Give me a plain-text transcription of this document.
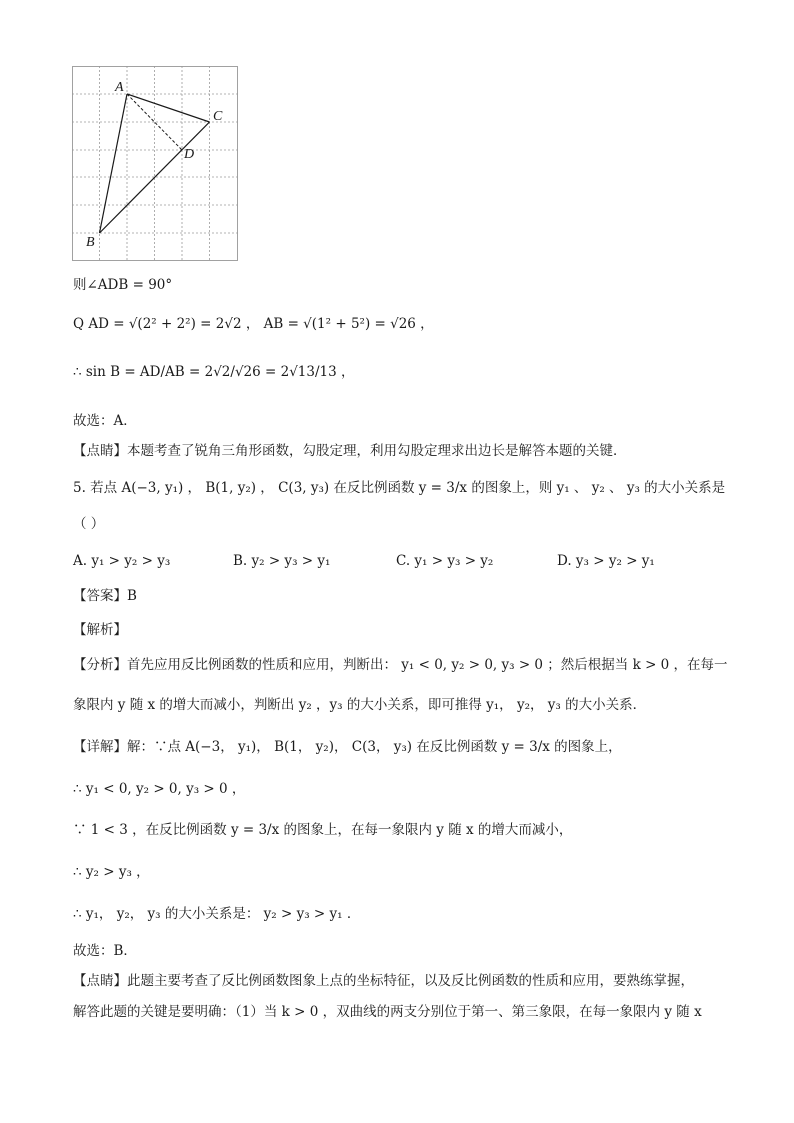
A
C
D
B
则∠ADB = 90°
Q AD = √(2² + 2²) = 2√2 ， AB = √(1² + 5²) = √26 ，
∴ sin B = AD/AB = 2√2/√26 = 2√13/13 ，
故选：A．
【点睛】本题考查了锐角三角形函数，勾股定理，利用勾股定理求出边长是解答本题的关键．
5. 若点 A(−3, y₁) ， B(1, y₂) ， C(3, y₃) 在反比例函数 y = 3/x 的图象上，则 y₁ 、 y₂ 、 y₃ 的大小关系是
（ ）
A. y₁ > y₂ > y₃	B. y₂ > y₃ > y₁	C. y₁ > y₃ > y₂	D. y₃ > y₂ > y₁
【答案】B
【解析】
【分析】首先应用反比例函数的性质和应用，判断出： y₁ < 0, y₂ > 0, y₃ > 0 ；然后根据当 k > 0 ，在每一
象限内 y 随 x 的增大而减小，判断出 y₂ ，y₃ 的大小关系，即可推得 y₁， y₂， y₃ 的大小关系．
【详解】解：∵点 A(−3， y₁)， B(1， y₂)， C(3， y₃) 在反比例函数 y = 3/x 的图象上，
∴ y₁ < 0, y₂ > 0, y₃ > 0 ，
∵ 1 < 3 ，在反比例函数 y = 3/x 的图象上，在每一象限内 y 随 x 的增大而减小，
∴ y₂ > y₃ ，
∴ y₁， y₂， y₃ 的大小关系是： y₂ > y₃ > y₁ ．
故选：B．
【点睛】此题主要考查了反比例函数图象上点的坐标特征，以及反比例函数的性质和应用，要熟练掌握，
解答此题的关键是要明确：（1）当 k > 0 ，双曲线的两支分别位于第一、第三象限，在每一象限内 y 随 x
